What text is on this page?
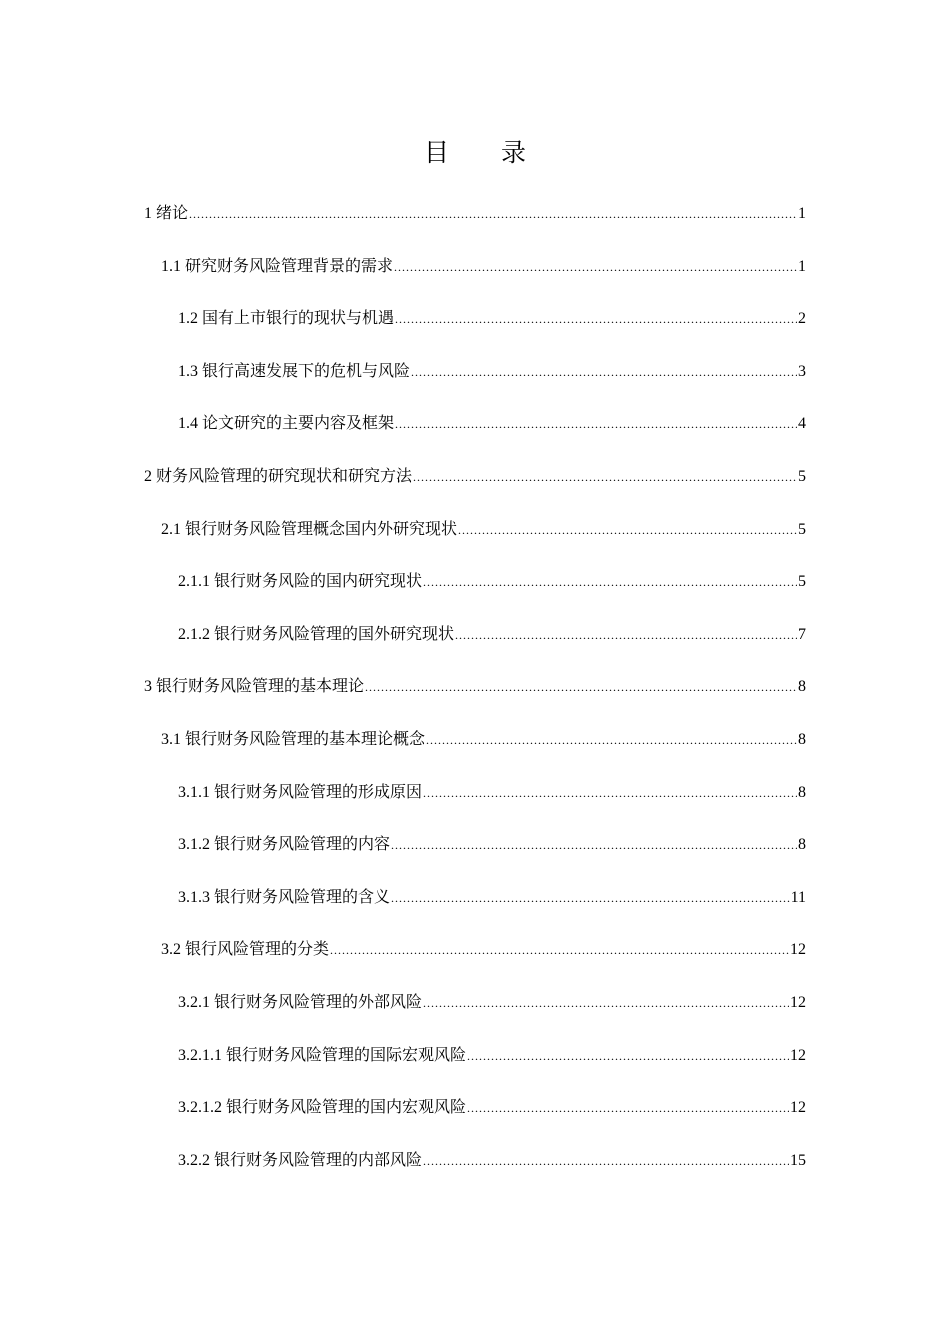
目 录
1 绪论 .....	1
1.1 研究财务风险管理背景的需求 .....	1
1.2 国有上市银行的现状与机遇 .....	2
1.3 银行高速发展下的危机与风险 .....	3
1.4 论文研究的主要内容及框架 .....	4
2 财务风险管理的研究现状和研究方法 .....	5
2.1 银行财务风险管理概念国内外研究现状 .....	5
2.1.1 银行财务风险的国内研究现状 .....	5
2.1.2 银行财务风险管理的国外研究现状 .....	7
3 银行财务风险管理的基本理论 .....	8
3.1 银行财务风险管理的基本理论概念 .....	8
3.1.1 银行财务风险管理的形成原因 .....	8
3.1.2 银行财务风险管理的内容 .....	8
3.1.3 银行财务风险管理的含义 .....	11
3.2 银行风险管理的分类 .....	12
3.2.1 银行财务风险管理的外部风险 .....	12
3.2.1.1 银行财务风险管理的国际宏观风险 .....	12
3.2.1.2 银行财务风险管理的国内宏观风险 .....	12
3.2.2 银行财务风险管理的内部风险 .....	15
